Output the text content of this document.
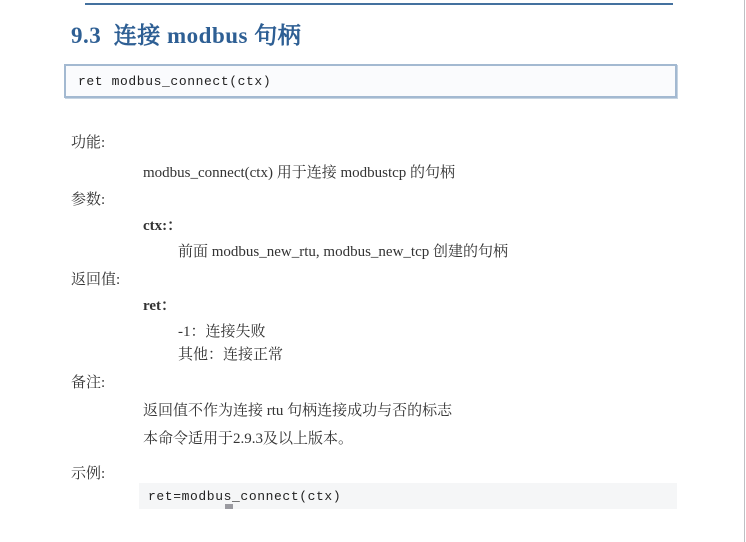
9.3  连接 modbus 句柄
ret modbus_connect(ctx)
功能:
modbus_connect(ctx) 用于连接 modbustcp 的句柄
参数:
ctx:：
前面 modbus_new_rtu, modbus_new_tcp 创建的句柄
返回值:
ret：
-1：连接失败
其他：连接正常
备注:
返回值不作为连接 rtu 句柄连接成功与否的标志
本命令适用于2.9.3及以上版本。
示例:
ret=modbus_connect(ctx)
